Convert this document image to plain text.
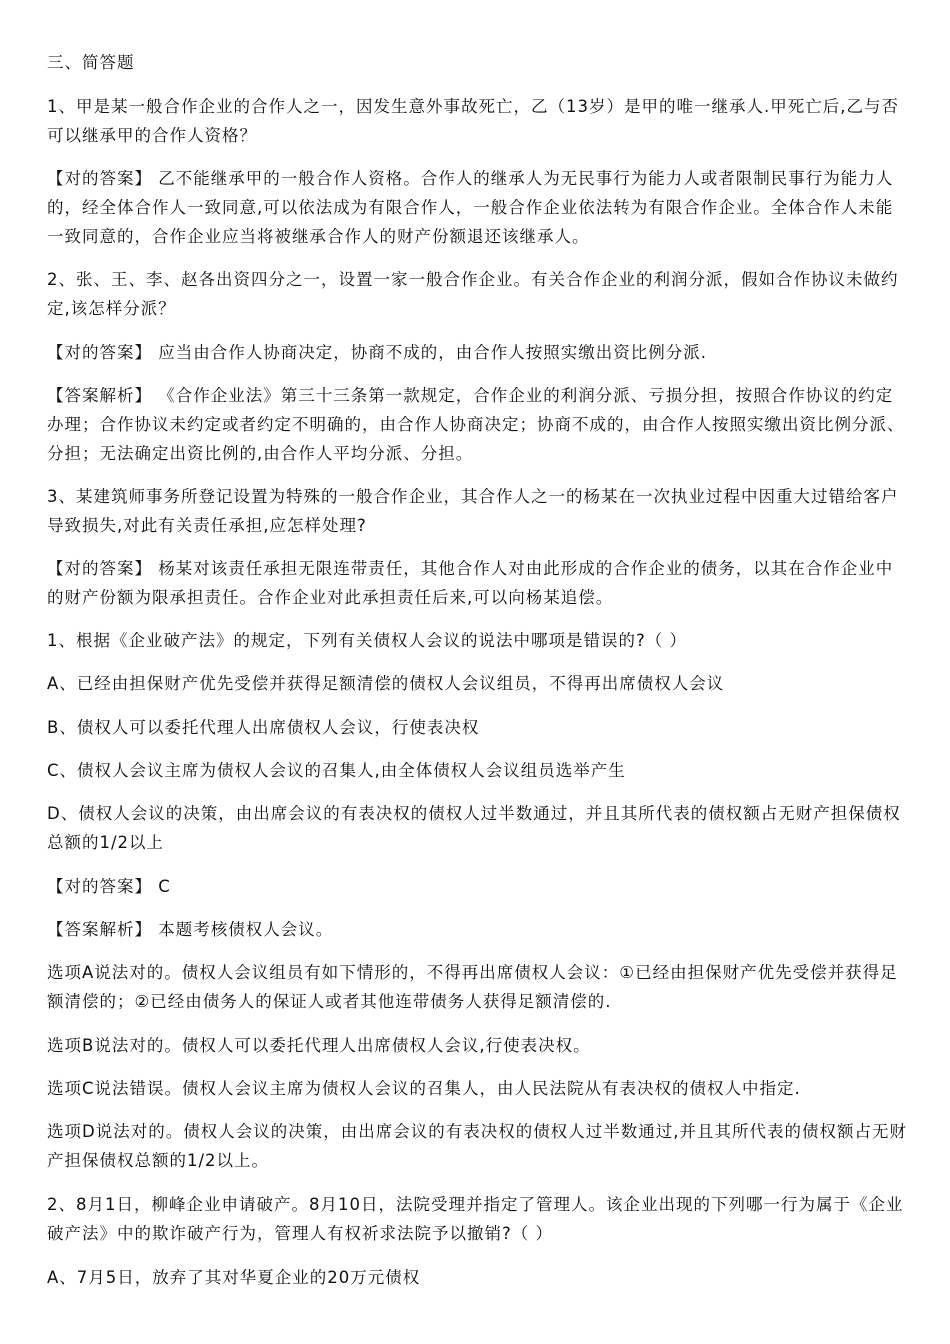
三、简答题

1、甲是某一般合作企业的合作人之一，因发生意外事故死亡，乙（13岁）是甲的唯一继承人.甲死亡后,乙与否可以继承甲的合作人资格？

【对的答案】 乙不能继承甲的一般合作人资格。合作人的继承人为无民事行为能力人或者限制民事行为能力人的，经全体合作人一致同意,可以依法成为有限合作人，一般合作企业依法转为有限合作企业。全体合作人未能一致同意的，合作企业应当将被继承合作人的财产份额退还该继承人。

2、张、王、李、赵各出资四分之一，设置一家一般合作企业。有关合作企业的利润分派，假如合作协议未做约定,该怎样分派？

【对的答案】 应当由合作人协商决定，协商不成的，由合作人按照实缴出资比例分派.

【答案解析】 《合作企业法》第三十三条第一款规定，合作企业的利润分派、亏损分担，按照合作协议的约定办理；合作协议未约定或者约定不明确的，由合作人协商决定；协商不成的，由合作人按照实缴出资比例分派、分担；无法确定出资比例的,由合作人平均分派、分担。

3、某建筑师事务所登记设置为特殊的一般合作企业，其合作人之一的杨某在一次执业过程中因重大过错给客户导致损失,对此有关责任承担,应怎样处理?

【对的答案】 杨某对该责任承担无限连带责任，其他合作人对由此形成的合作企业的债务，以其在合作企业中的财产份额为限承担责任。合作企业对此承担责任后来,可以向杨某追偿。

1、根据《企业破产法》的规定，下列有关债权人会议的说法中哪项是错误的?（ ）

A、已经由担保财产优先受偿并获得足额清偿的债权人会议组员，不得再出席债权人会议

B、债权人可以委托代理人出席债权人会议，行使表决权

C、债权人会议主席为债权人会议的召集人,由全体债权人会议组员选举产生

D、债权人会议的决策，由出席会议的有表决权的债权人过半数通过，并且其所代表的债权额占无财产担保债权总额的1/2以上

【对的答案】 C

【答案解析】 本题考核债权人会议。

选项A说法对的。债权人会议组员有如下情形的，不得再出席债权人会议：①已经由担保财产优先受偿并获得足额清偿的；②已经由债务人的保证人或者其他连带债务人获得足额清偿的.

选项B说法对的。债权人可以委托代理人出席债权人会议,行使表决权。

选项C说法错误。债权人会议主席为债权人会议的召集人，由人民法院从有表决权的债权人中指定.

选项D说法对的。债权人会议的决策，由出席会议的有表决权的债权人过半数通过,并且其所代表的债权额占无财产担保债权总额的1/2以上。

2、8月1日，柳峰企业申请破产。8月10日，法院受理并指定了管理人。该企业出现的下列哪一行为属于《企业破产法》中的欺诈破产行为，管理人有权祈求法院予以撤销?（ ）

A、7月5日，放弃了其对华夏企业的20万元债权
